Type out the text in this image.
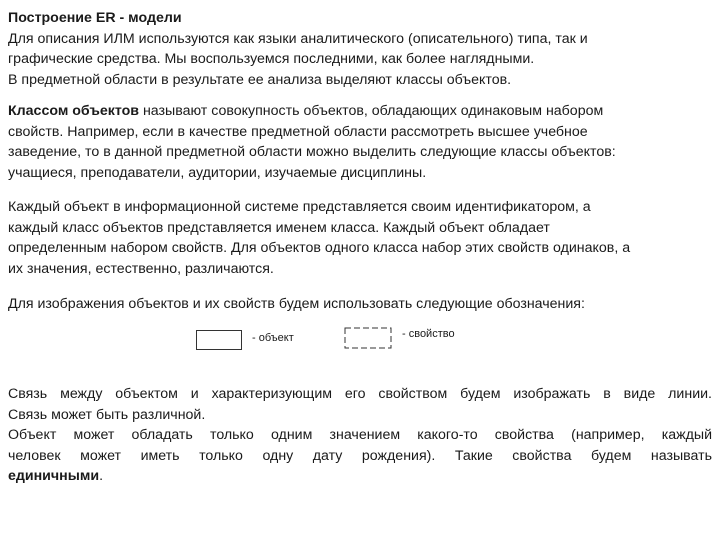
Построение ER - модели
Для описания ИЛМ используются как языки аналитического (описательного) типа, так и
графические средства. Мы воспользуемся последними, как более наглядными.
В предметной области в результате ее анализа выделяют классы объектов.
Классом объектов называют совокупность объектов, обладающих одинаковым набором
свойств. Например, если в качестве предметной области рассмотреть высшее учебное
заведение, то в данной предметной области можно выделить следующие классы объектов:
учащиеся, преподаватели, аудитории, изучаемые дисциплины.
Каждый объект в информационной системе представляется своим идентификатором, а
каждый класс объектов представляется именем класса. Каждый объект обладает
определенным набором свойств. Для объектов одного класса набор этих свойств одинаков, а
их значения, естественно, различаются.
Для изображения объектов и их свойств будем использовать следующие обозначения:
- объект	- свойство
Связь между объектом и характеризующим его свойством будем изображать в виде линии.
Связь может быть различной.
Объект может обладать только одним значением какого-то свойства (например, каждый
человек может иметь только одну дату рождения). Такие свойства будем называть
единичными.
